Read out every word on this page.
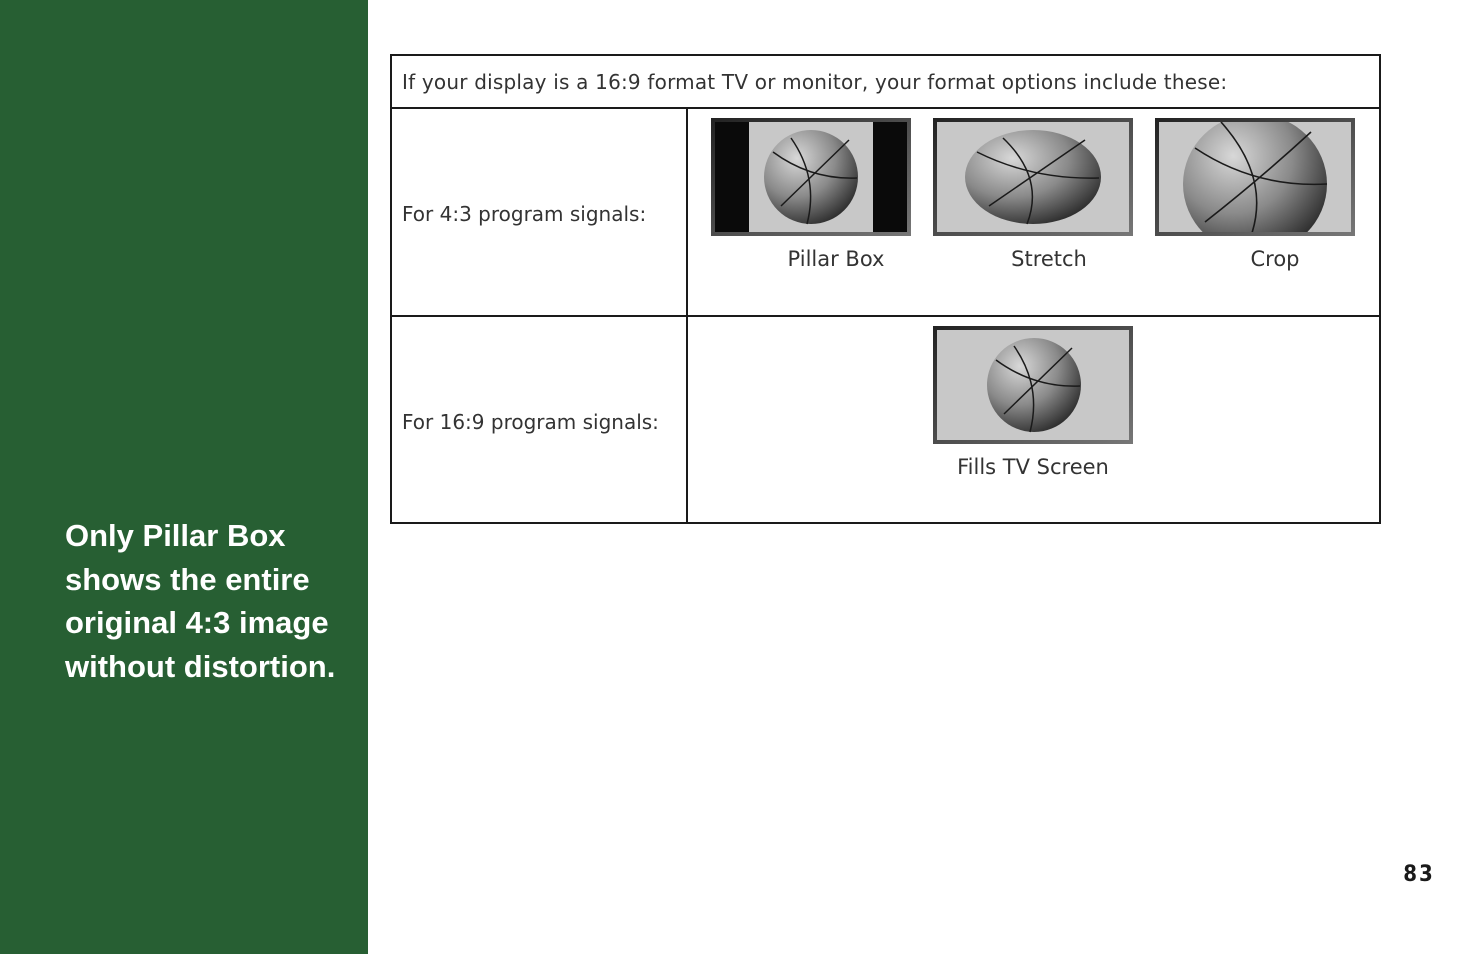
Only Pillar Box shows the entire original 4:3 image without distortion.
If your display is a 16:9 format TV or monitor, your format options include these:
For 4:3 program signals:
Pillar Box	Stretch	Crop
For 16:9 program signals:
Fills TV Screen
83
